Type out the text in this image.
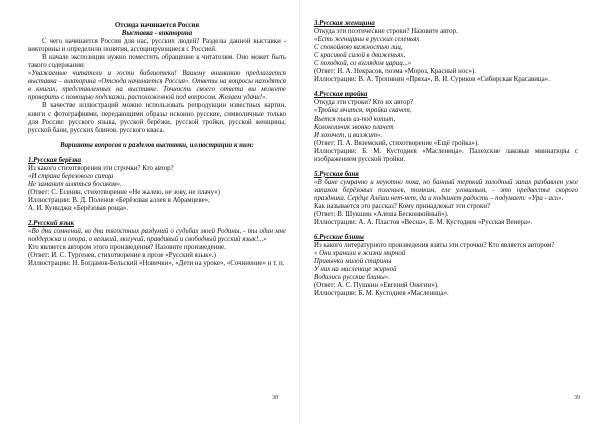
Отсюда начинается Россия

Выставка - викторина

С чего начинается Россия для нас, русских людей? Разделы данной выставки - викторины и определили понятия, ассоциирующиеся с Россией.

В начале экспозиции нужно поместить обращение к читателям. Оно может быть такого содержания:

«Уважаемые читатели и гости библиотеки! Вашему вниманию предлагается выставка – викторина «Отсюда начинается Россия». Ответы на вопросы находятся в книгах, представленных на выставке. Точность своего ответа вы можете проверить с помощью подсказки, расположенной под вопросом. Желаем удачи!».

В качестве иллюстраций можно использовать репродукции известных картин, книги с фотографиями, передающими образы исконно русские, символичные только для России: русского языка, русской берёзки, русской тройки, русской женщины, русской бани, русских блинов, русского кваса.

Варианты вопросов и разделов выставки, иллюстрации к ним:

1.Русская берёзка

Из какого стихотворения эти строчки? Кто автор?

«И страна березового ситца

Не заманит шляться босиком».

(Ответ: С. Есенин, стихотворение «Не жалею, не зову, не плачу»)

Иллюстрации: В. Д. Поленов «Берёзовая аллея в Абрамцеве»,

А. И. Куинджи «Берёзовая роща».

2.Русский язык

«Во дни сомнений, во дни тягостных раздумий о судьбах моей Родины, - ты один мне поддержка и опора, о великий, могучий, правдивый и свободный русский язык!...»

Кто является автором этого произведения? Назовите произведение.

(Ответ: И. С. Тургенев, стихотворение в прозе «Русский язык».)

Иллюстрации: Н. Богданов-Бельский «Новички», «Дети на уроке», «Сочинение» и т. п.

38

3.Русская женщина

Откуда эти поэтические строки? Назовите автор.

«Есть женщины в русских селеньях

С спокойною важностью лиц,

С красивой силой в движеньях,

С походкой, со взглядом цариц...»

(Ответ: Н. А. Некрасов, поэма «Мороз, Красный нос»).

Иллюстрации: В. А. Тропинин «Пряха», В. И. Суриков «Сибирская Красавица».

4.Русская тройка

Откуда эти строки? Кто их автор?

«Тройка мчится, тройка скачет,

Вьется пыль из-под копыт,

Колокольчик звонко плачет

И хохочет, и визжит».

(Ответ: П. А. Вяземский, стихотворение «Ещё тройка»).

Иллюстрации: Б. М. Кустодиев «Масленица». Палехские лаковые миниатюры с изображением русской тройки.

5.Русская баня

«В бане сумрачно и неуютно пока, но банный терпкий холодный запах разбавлен уже запахом берёзовых поленьев, томким, еле уловимым, - это предвестье скорого праздника. Сердце Алёши нет-нет, да и подкинет радость – подумает: «Ура - ась».

Как называется это рассказ? Кому принадлежат эти строки?

(Ответ: В. Шукшин «Алеша Бесконвойный»).

Иллюстрации: А. А. Пластов «Весна», Б. М. Кустодиев «Русская Венера».

6.Русские блины

Из какого литературного произведения взяты эти строчки? Кто является автором?

« Они хранили в жизни мирной

Привычки милой старины

У них на масленице жирной

Водились русские блины».

(Ответ: А. С. Пушкин «Евгений Онегин»).

Иллюстрации: Б. М. Кустодиев «Масленица».

39
